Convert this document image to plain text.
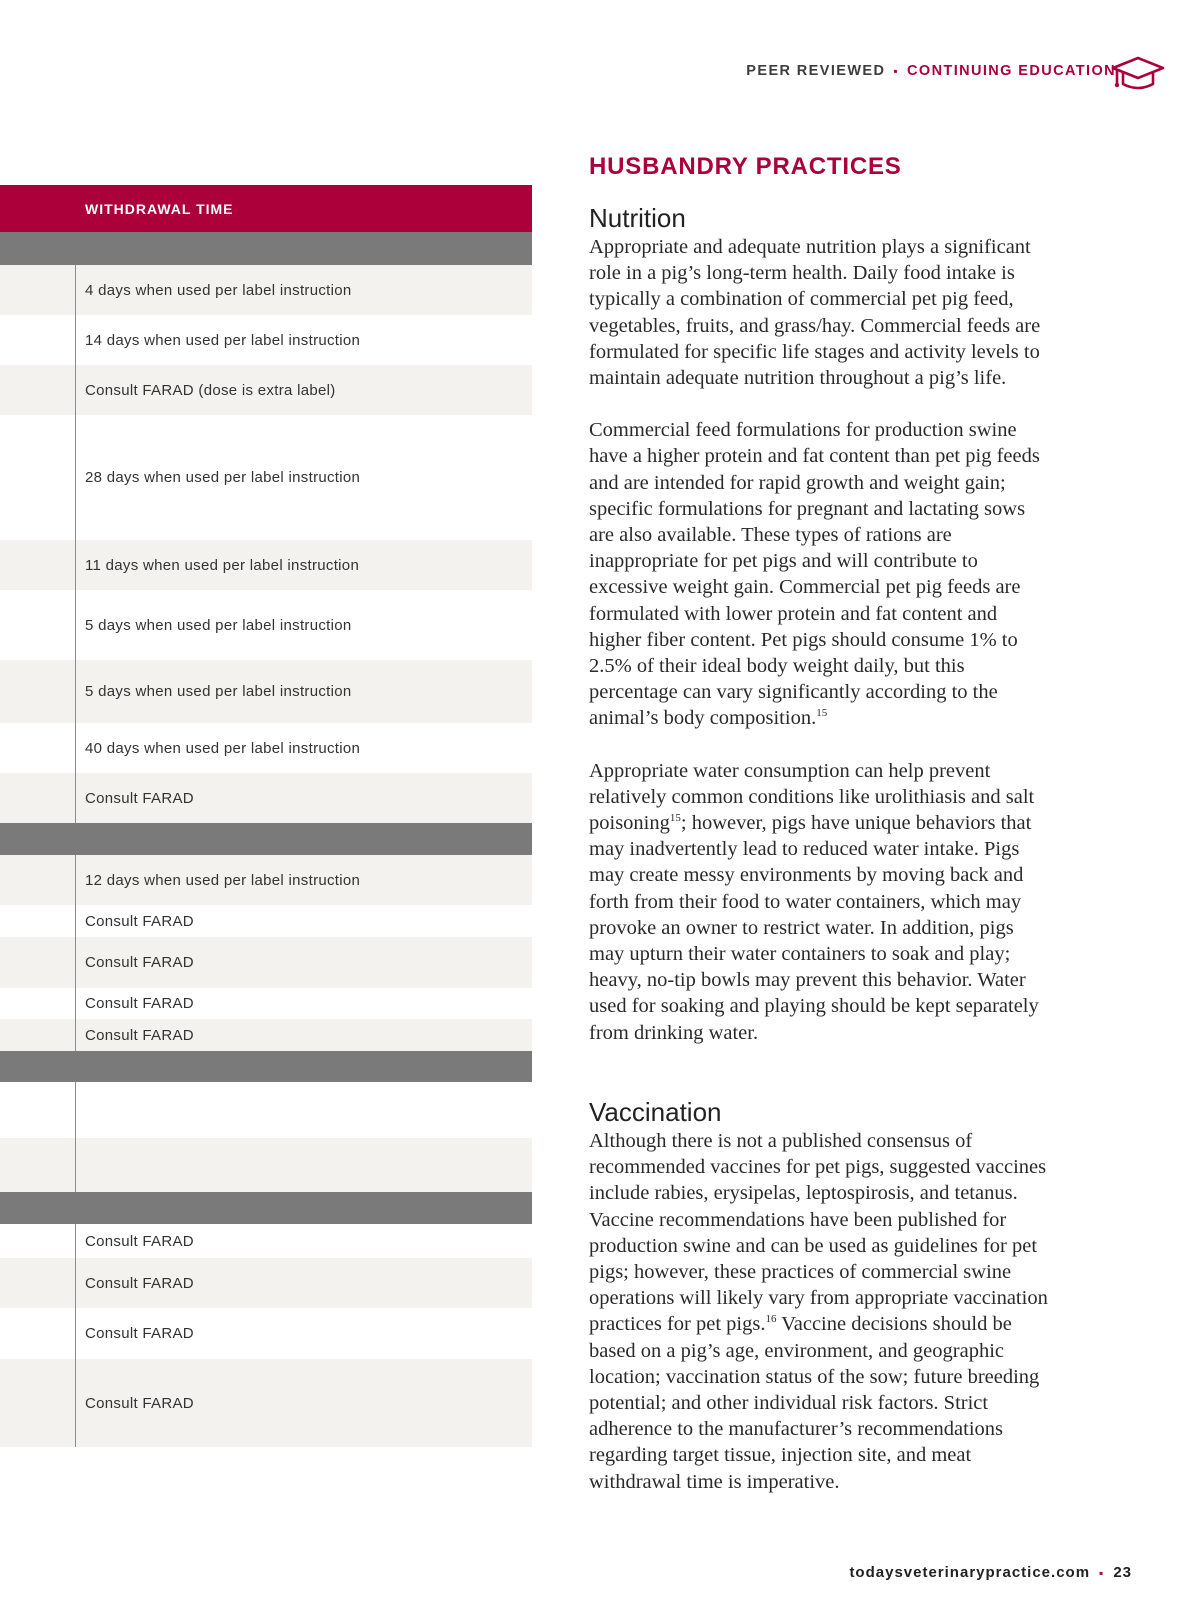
PEER REVIEWED ▪ CONTINUING EDUCATION
WITHDRAWAL TIME
4 days when used per label instruction
14 days when used per label instruction
Consult FARAD (dose is extra label)
28 days when used per label instruction
11 days when used per label instruction
5 days when used per label instruction
5 days when used per label instruction
40 days when used per label instruction
Consult FARAD
12 days when used per label instruction
Consult FARAD
Consult FARAD
Consult FARAD
Consult FARAD
Consult FARAD
Consult FARAD
Consult FARAD
Consult FARAD
HUSBANDRY PRACTICES
Nutrition

Appropriate and adequate nutrition plays a significant role in a pig’s long-term health. Daily food intake is typically a combination of commercial pet pig feed, vegetables, fruits, and grass/hay. Commercial feeds are formulated for specific life stages and activity levels to maintain adequate nutrition throughout a pig’s life.

Commercial feed formulations for production swine have a higher protein and fat content than pet pig feeds and are intended for rapid growth and weight gain; specific formulations for pregnant and lactating sows are also available. These types of rations are inappropriate for pet pigs and will contribute to excessive weight gain. Commercial pet pig feeds are formulated with lower protein and fat content and higher fiber content. Pet pigs should consume 1% to 2.5% of their ideal body weight daily, but this percentage can vary significantly according to the animal’s body composition.$^{15}$

Appropriate water consumption can help prevent relatively common conditions like urolithiasis and salt poisoning$^{15}$; however, pigs have unique behaviors that may inadvertently lead to reduced water intake. Pigs may create messy environments by moving back and forth from their food to water containers, which may provoke an owner to restrict water. In addition, pigs may upturn their water containers to soak and play; heavy, no-tip bowls may prevent this behavior. Water used for soaking and playing should be kept separately from drinking water.

Vaccination

Although there is not a published consensus of recommended vaccines for pet pigs, suggested vaccines include rabies, erysipelas, leptospirosis, and tetanus. Vaccine recommendations have been published for production swine and can be used as guidelines for pet pigs; however, these practices of commercial swine operations will likely vary from appropriate vaccination practices for pet pigs.$^{16}$ Vaccine decisions should be based on a pig’s age, environment, and geographic location; vaccination status of the sow; future breeding potential; and other individual risk factors. Strict adherence to the manufacturer’s recommendations regarding target tissue, injection site, and meat withdrawal time is imperative.

todaysveterinarypractice.com ▪ 23
